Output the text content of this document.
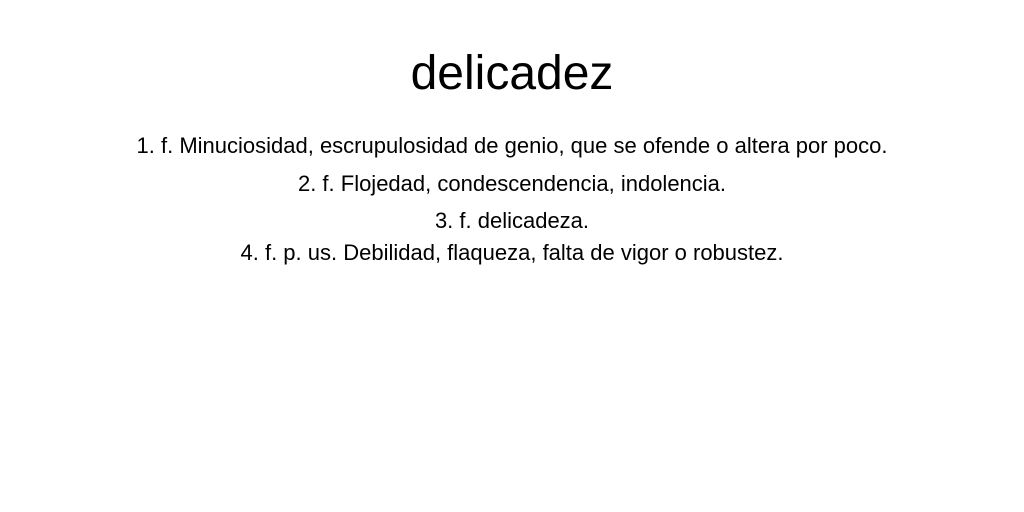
delicadez
1. f. Minuciosidad, escrupulosidad de genio, que se ofende o altera por poco.
2. f. Flojedad, condescendencia, indolencia.
3. f. delicadeza.
4. f. p. us. Debilidad, flaqueza, falta de vigor o robustez.
